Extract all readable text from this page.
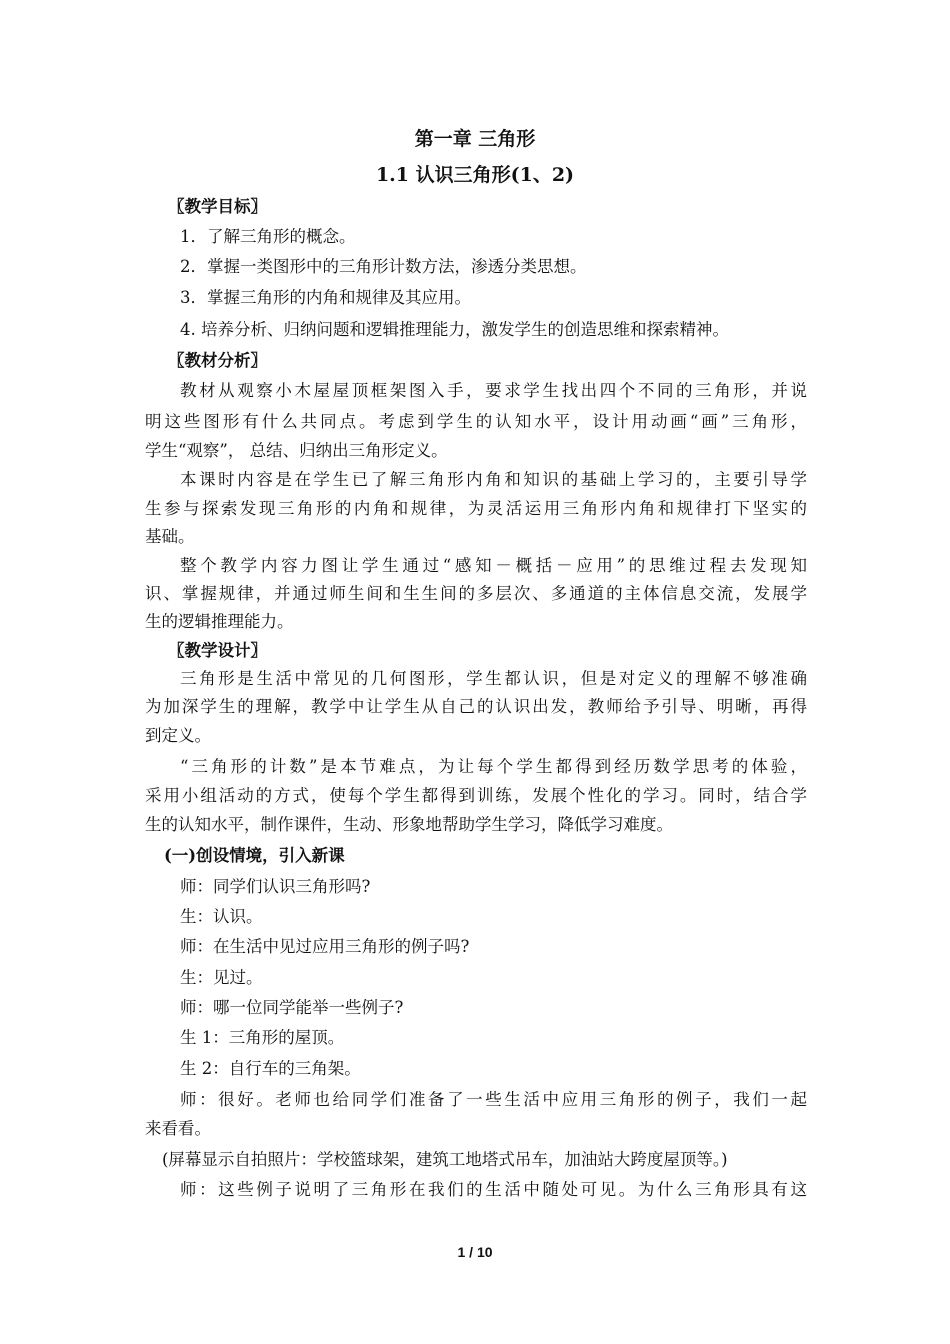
第一章 三角形
1.1 认识三角形(1、2)
〖教学目标〗
1．了解三角形的概念。
2．掌握一类图形中的三角形计数方法，渗透分类思想。
3．掌握三角形的内角和规律及其应用。
4. 培养分析、归纳问题和逻辑推理能力，激发学生的创造思维和探索精神。
〖教材分析〗
教材从观察小木屋屋顶框架图入手，要求学生找出四个不同的三角形，并说
明这些图形有什么共同点。考虑到学生的认知水平，设计用动画“画”三角形，
学生“观察”， 总结、归纳出三角形定义。
本课时内容是在学生已了解三角形内角和知识的基础上学习的，主要引导学
生参与探索发现三角形的内角和规律，为灵活运用三角形内角和规律打下坚实的
基础。
整个教学内容力图让学生通过“感知－概括－应用”的思维过程去发现知
识、掌握规律，并通过师生间和生生间的多层次、多通道的主体信息交流，发展学
生的逻辑推理能力。
〖教学设计〗
三角形是生活中常见的几何图形，学生都认识，但是对定义的理解不够准确
为加深学生的理解，教学中让学生从自己的认识出发，教师给予引导、明晰，再得
到定义。
“三角形的计数”是本节难点，为让每个学生都得到经历数学思考的体验，
采用小组活动的方式，使每个学生都得到训练，发展个性化的学习。同时，结合学
生的认知水平，制作课件，生动、形象地帮助学生学习，降低学习难度。
(一)创设情境，引入新课
师：同学们认识三角形吗?
生：认识。
师：在生活中见过应用三角形的例子吗?
生：见过。
师：哪一位同学能举一些例子?
生 1：三角形的屋顶。
生 2：自行车的三角架。
师：很好。老师也给同学们准备了一些生活中应用三角形的例子，我们一起
来看看。
(屏幕显示自拍照片：学校篮球架，建筑工地塔式吊车，加油站大跨度屋顶等。)
师：这些例子说明了三角形在我们的生活中随处可见。为什么三角形具有这
1 / 10
